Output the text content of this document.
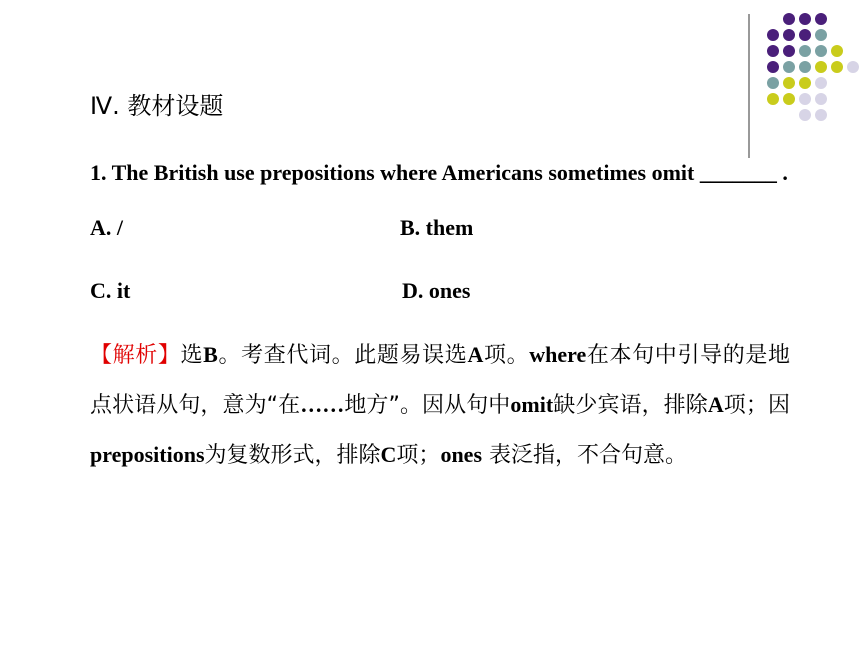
Ⅳ. 教材设题
1. The British use prepositions where Americans sometimes omit _______ .
A. /	B. them
C. it	D. ones
【解析】选B。考查代词。此题易误选A项。where在本句中引导的是地点状语从句，意为“在……地方”。因从句中omit缺少宾语，排除A项；因prepositions为复数形式，排除C项；ones 表泛指，不合句意。
